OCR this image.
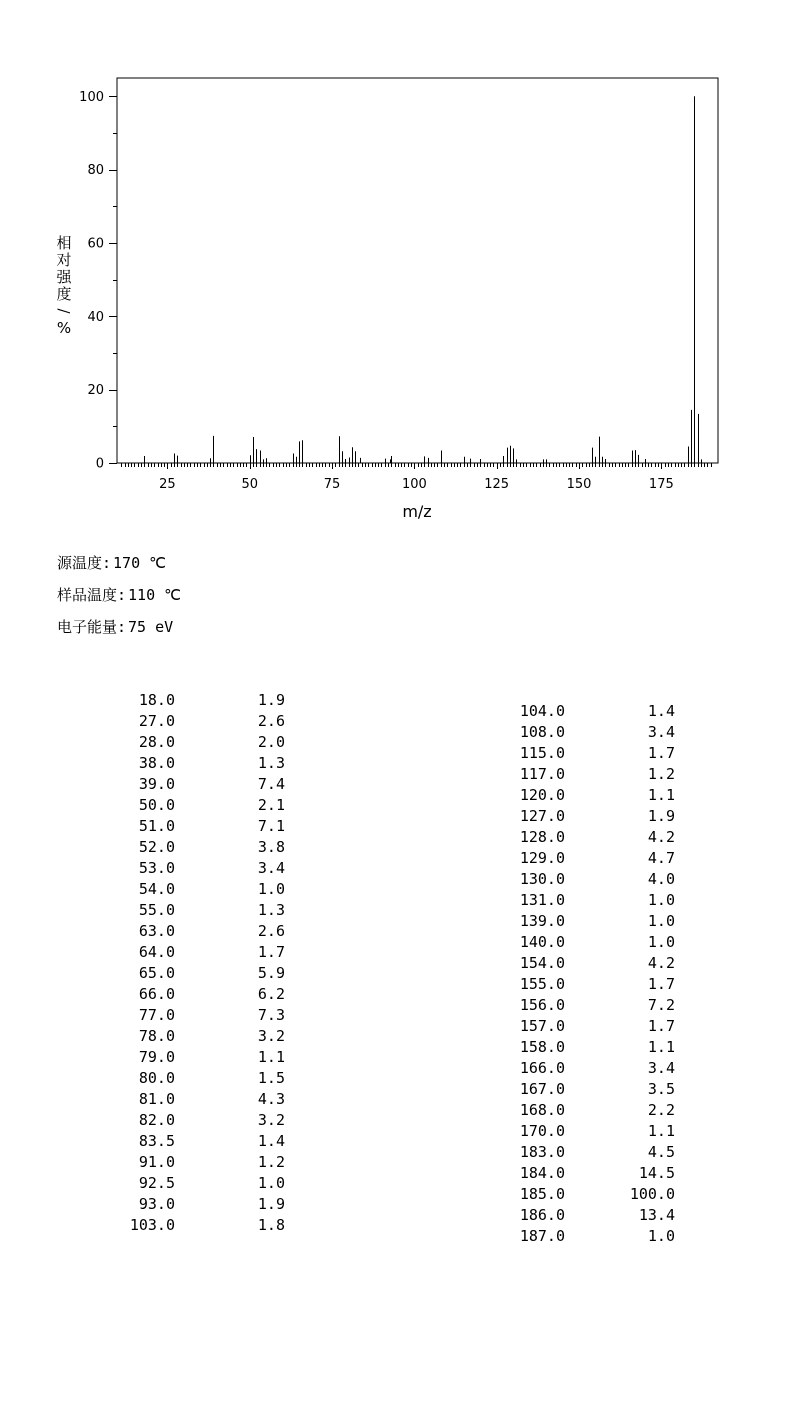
25	50	75	100	125	150	175
0
20
40
60
80
100
m/z
相
对
强
度
/
%
源温度: 170 ℃
样品温度: 110 ℃
电子能量: 75 eV
18.0	1.9
27.0	2.6
28.0	2.0
38.0	1.3
39.0	7.4
50.0	2.1
51.0	7.1
52.0	3.8
53.0	3.4
54.0	1.0
55.0	1.3
63.0	2.6
64.0	1.7
65.0	5.9
66.0	6.2
77.0	7.3
78.0	3.2
79.0	1.1
80.0	1.5
81.0	4.3
82.0	3.2
83.5	1.4
91.0	1.2
92.5	1.0
93.0	1.9
103.0	1.8
104.0	1.4
108.0	3.4
115.0	1.7
117.0	1.2
120.0	1.1
127.0	1.9
128.0	4.2
129.0	4.7
130.0	4.0
131.0	1.0
139.0	1.0
140.0	1.0
154.0	4.2
155.0	1.7
156.0	7.2
157.0	1.7
158.0	1.1
166.0	3.4
167.0	3.5
168.0	2.2
170.0	1.1
183.0	4.5
184.0	14.5
185.0	100.0
186.0	13.4
187.0	1.0
